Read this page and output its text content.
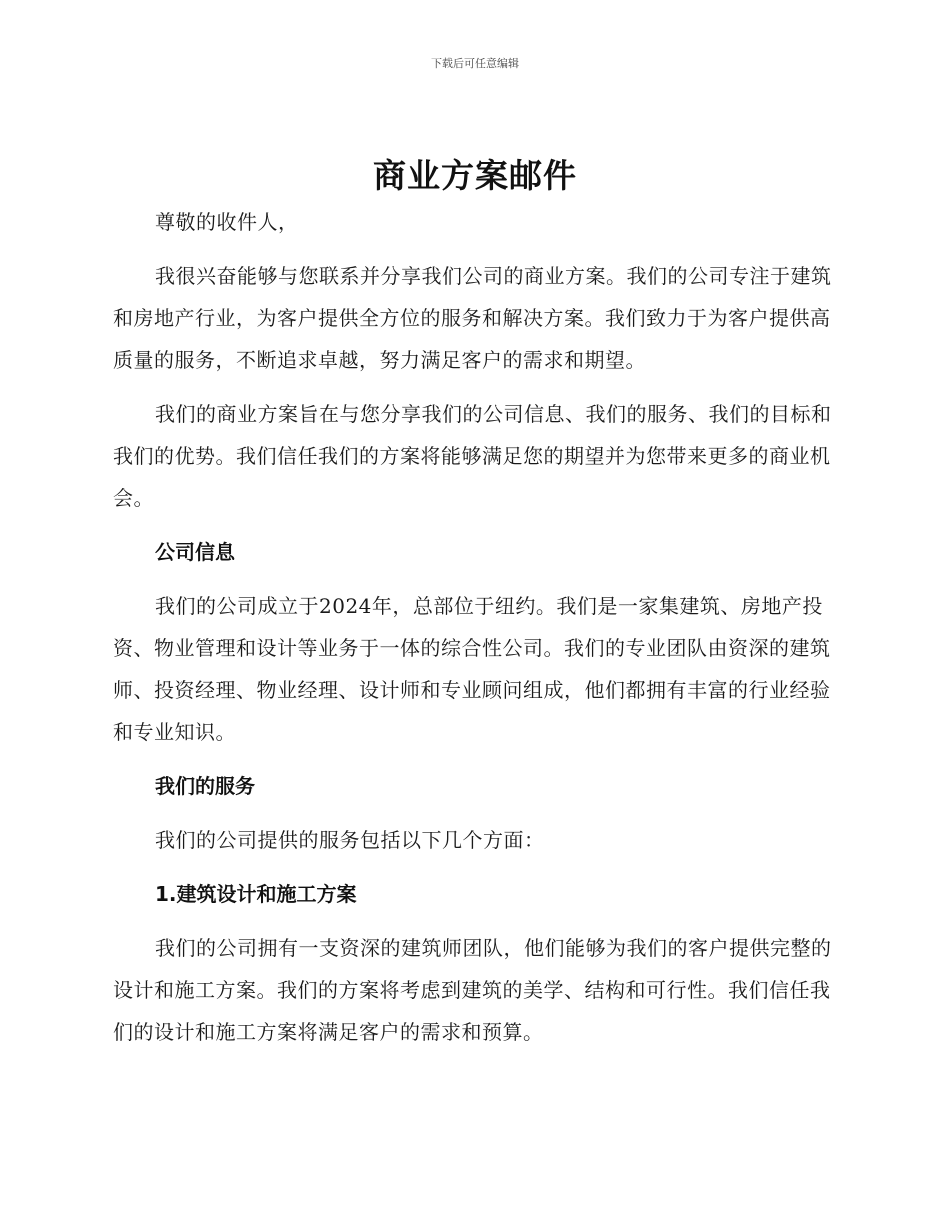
下载后可任意编辑
商业方案邮件

尊敬的收件人，

我很兴奋能够与您联系并分享我们公司的商业方案。我们的公司专注于建筑和房地产行业，为客户提供全方位的服务和解决方案。我们致力于为客户提供高质量的服务，不断追求卓越，努力满足客户的需求和期望。

我们的商业方案旨在与您分享我们的公司信息、我们的服务、我们的目标和我们的优势。我们信任我们的方案将能够满足您的期望并为您带来更多的商业机会。

公司信息

我们的公司成立于2024年，总部位于纽约。我们是一家集建筑、房地产投资、物业管理和设计等业务于一体的综合性公司。我们的专业团队由资深的建筑师、投资经理、物业经理、设计师和专业顾问组成，他们都拥有丰富的行业经验和专业知识。

我们的服务

我们的公司提供的服务包括以下几个方面：

1.建筑设计和施工方案

我们的公司拥有一支资深的建筑师团队，他们能够为我们的客户提供完整的设计和施工方案。我们的方案将考虑到建筑的美学、结构和可行性。我们信任我们的设计和施工方案将满足客户的需求和预算。
